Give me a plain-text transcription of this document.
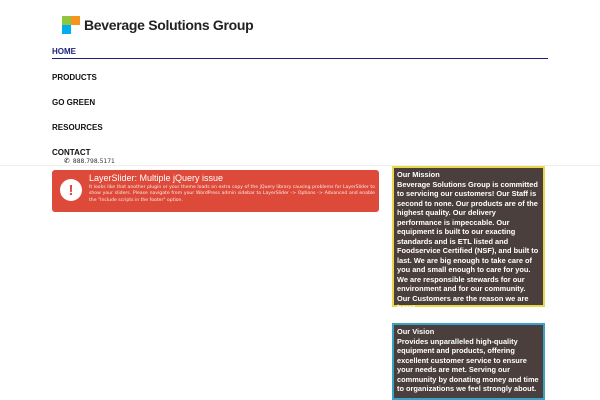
Beverage Solutions Group
HOME
PRODUCTS
GO GREEN
RESOURCES
CONTACT
✆ 888.798.5171
!
LayerSlider: Multiple jQuery issue
It looks like that another plugin or your theme loads an extra copy of the jQuery library causing problems for LayerSlider to show your sliders. Please navigate from your WordPress admin sidebar to LayerSlider -> Options -> Advanced and enable the "Include scripts in the footer" option.
Our Mission
Beverage Solutions Group is committed to servicing our customers! Our Staff is second to none. Our products are of the highest quality. Our delivery performance is impeccable. Our equipment is built to our exacting standards and is ETL listed and Foodservice Certified (NSF), and built to last. We are big enough to take care of you and small enough to care for you. We are responsible stewards for our environment and for our community. Our Customers are the reason we are here!
Our Vision
Provides unparalleled high-quality equipment and products, offering excellent customer service to ensure your needs are met. Serving our community by donating money and time to organizations we feel strongly about.
